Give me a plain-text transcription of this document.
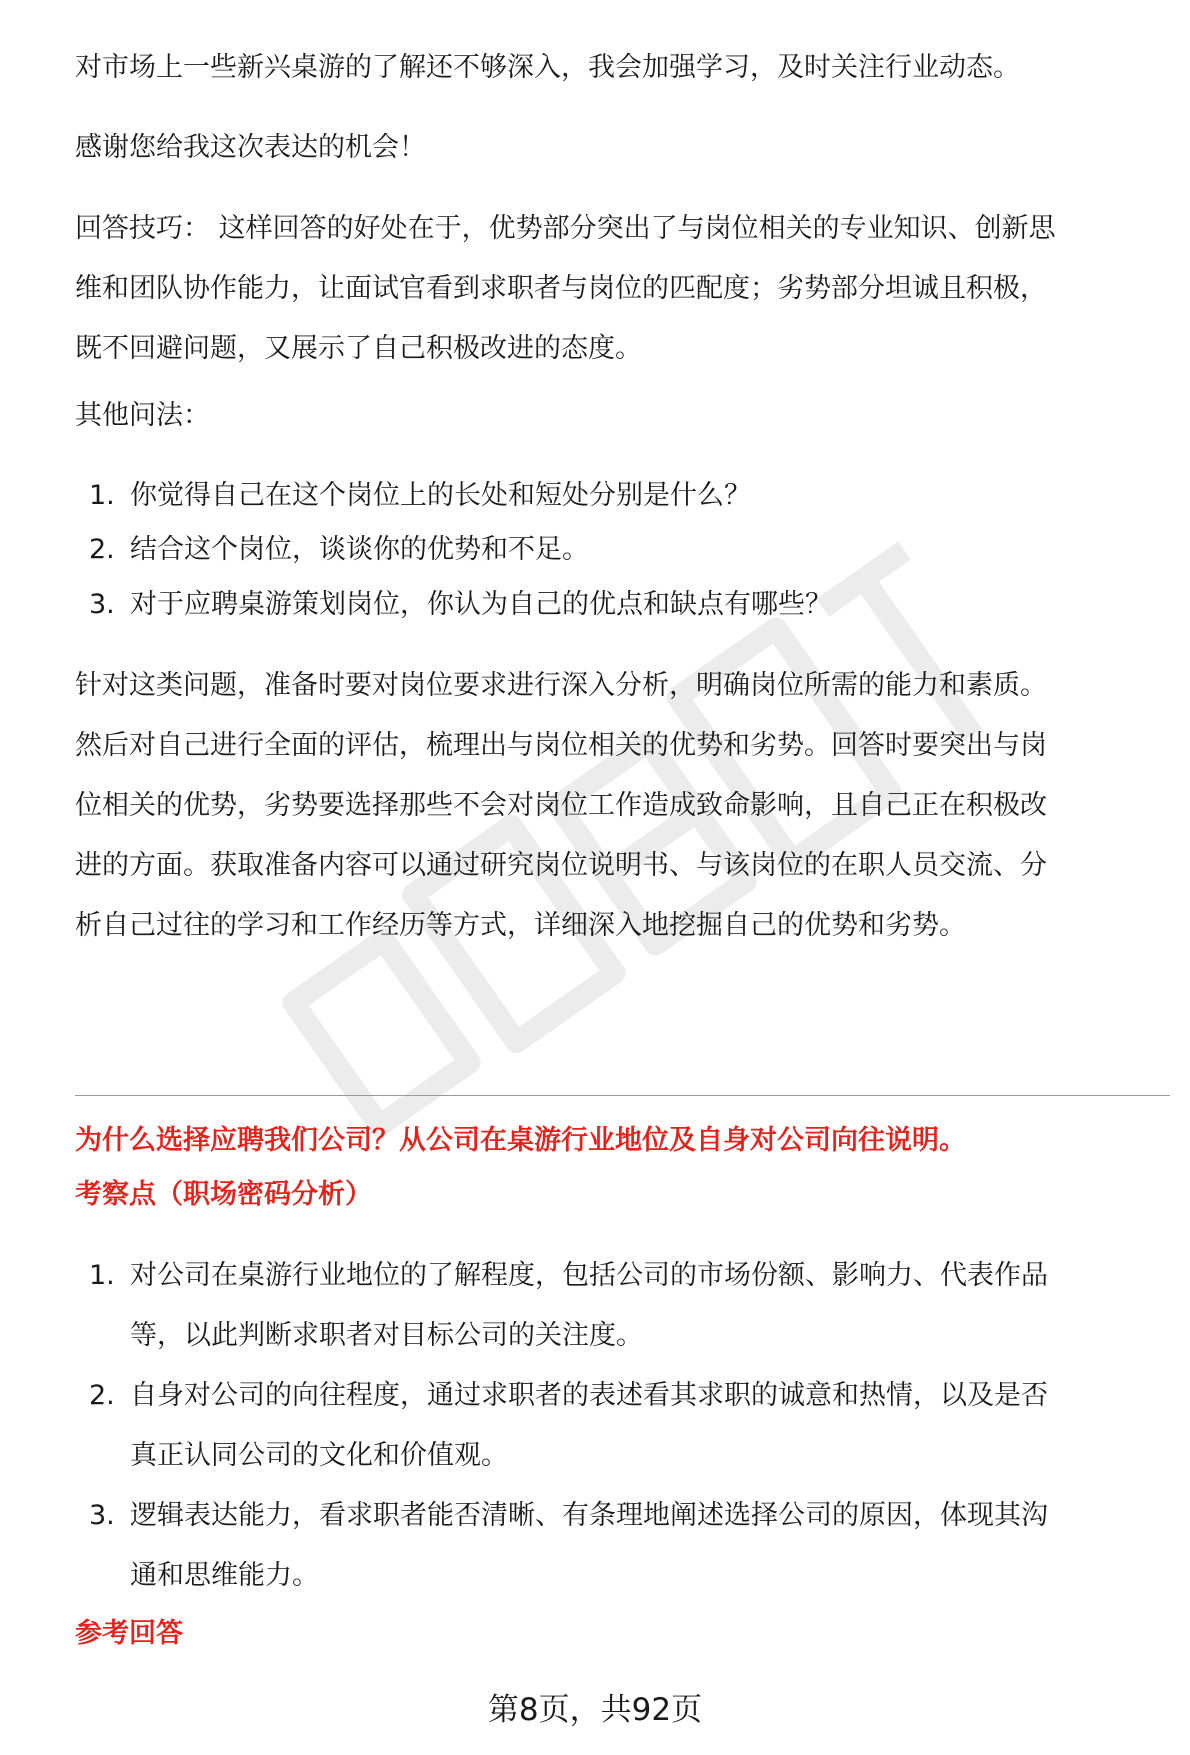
对市场上一些新兴桌游的了解还不够深入，我会加强学习，及时关注行业动态。

感谢您给我这次表达的机会！

回答技巧： 这样回答的好处在于，优势部分突出了与岗位相关的专业知识、创新思
维和团队协作能力，让面试官看到求职者与岗位的匹配度；劣势部分坦诚且积极，
既不回避问题，又展示了自己积极改进的态度。

其他问法：

1. 你觉得自己在这个岗位上的长处和短处分别是什么？
2. 结合这个岗位，谈谈你的优势和不足。
3. 对于应聘桌游策划岗位，你认为自己的优点和缺点有哪些？

针对这类问题，准备时要对岗位要求进行深入分析，明确岗位所需的能力和素质。
然后对自己进行全面的评估，梳理出与岗位相关的优势和劣势。回答时要突出与岗
位相关的优势，劣势要选择那些不会对岗位工作造成致命影响，且自己正在积极改
进的方面。获取准备内容可以通过研究岗位说明书、与该岗位的在职人员交流、分
析自己过往的学习和工作经历等方式，详细深入地挖掘自己的优势和劣势。

为什么选择应聘我们公司？从公司在桌游行业地位及自身对公司向往说明。

考察点（职场密码分析）

1. 对公司在桌游行业地位的了解程度，包括公司的市场份额、影响力、代表作品
等，以此判断求职者对目标公司的关注度。
2. 自身对公司的向往程度，通过求职者的表述看其求职的诚意和热情，以及是否
真正认同公司的文化和价值观。
3. 逻辑表达能力，看求职者能否清晰、有条理地阐述选择公司的原因，体现其沟
通和思维能力。

参考回答

第8页，共92页
